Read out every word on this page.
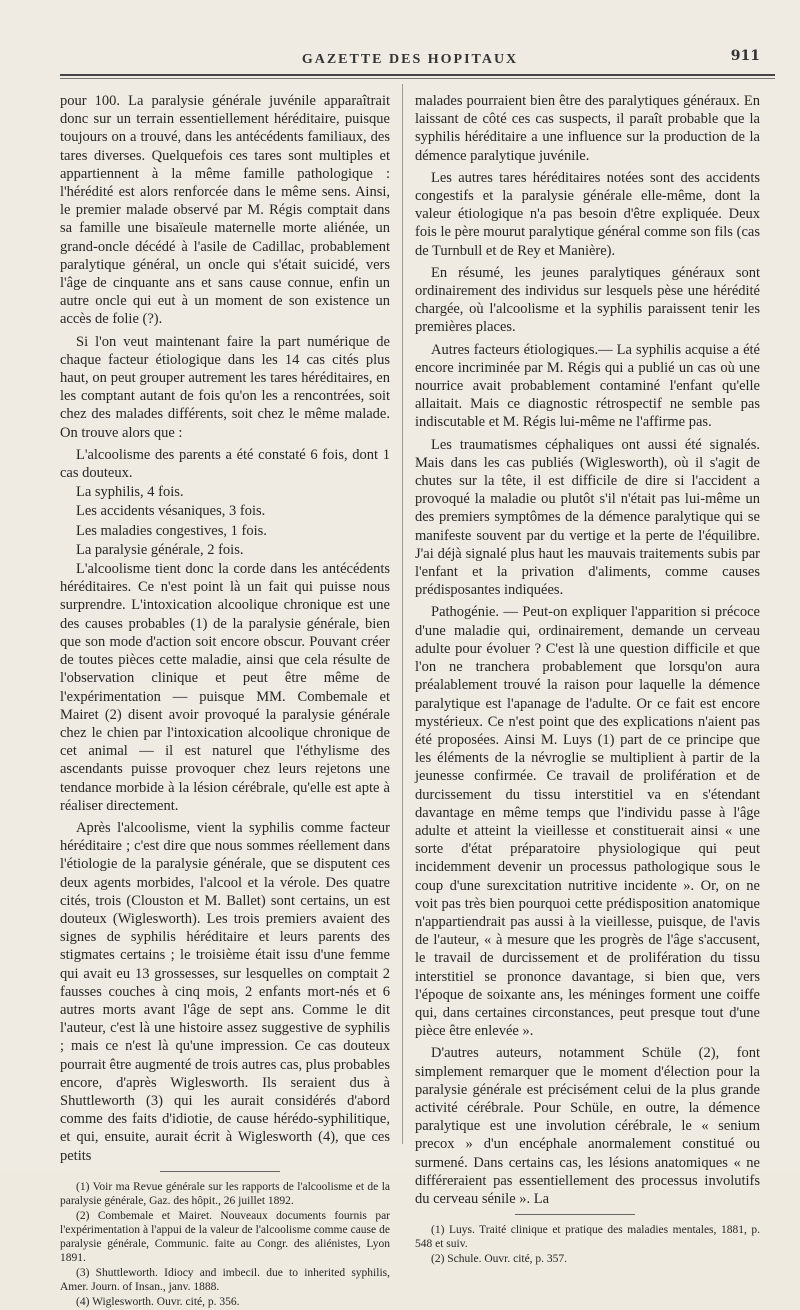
GAZETTE DES HOPITAUX	911

pour 100. La paralysie générale juvénile apparaîtrait donc sur un terrain essentiellement héréditaire, puisque toujours on a trouvé, dans les antécédents familiaux, des tares diverses. Quelquefois ces tares sont multiples et appartiennent à la même famille pathologique : l'hérédité est alors renforcée dans le même sens. Ainsi, le premier malade observé par M. Régis comptait dans sa famille une bisaïeule maternelle morte aliénée, un grand-oncle décédé à l'asile de Cadillac, probablement paralytique général, un oncle qui s'était suicidé, vers l'âge de cinquante ans et sans cause connue, enfin un autre oncle qui eut à un moment de son existence un accès de folie (?).

Si l'on veut maintenant faire la part numérique de chaque facteur étiologique dans les 14 cas cités plus haut, on peut grouper autrement les tares héréditaires, en les comptant autant de fois qu'on les a rencontrées, soit chez des malades différents, soit chez le même malade. On trouve alors que :

L'alcoolisme des parents a été constaté 6 fois, dont 1 cas douteux.

La syphilis, 4 fois.

Les accidents vésaniques, 3 fois.

Les maladies congestives, 1 fois.

La paralysie générale, 2 fois.

L'alcoolisme tient donc la corde dans les antécédents héréditaires. Ce n'est point là un fait qui puisse nous surprendre. L'intoxication alcoolique chronique est une des causes probables (1) de la paralysie générale, bien que son mode d'action soit encore obscur. Pouvant créer de toutes pièces cette maladie, ainsi que cela résulte de l'observation clinique et peut être même de l'expérimentation — puisque MM. Combemale et Mairet (2) disent avoir provoqué la paralysie générale chez le chien par l'intoxication alcoolique chronique de cet animal — il est naturel que l'éthylisme des ascendants puisse provoquer chez leurs rejetons une tendance morbide à la lésion cérébrale, qu'elle est apte à réaliser directement.

Après l'alcoolisme, vient la syphilis comme facteur héréditaire ; c'est dire que nous sommes réellement dans l'étiologie de la paralysie générale, que se disputent ces deux agents morbides, l'alcool et la vérole. Des quatre cités, trois (Clouston et M. Ballet) sont certains, un est douteux (Wiglesworth). Les trois premiers avaient des signes de syphilis héréditaire et leurs parents des stigmates certains ; le troisième était issu d'une femme qui avait eu 13 grossesses, sur lesquelles on comptait 2 fausses couches à cinq mois, 2 enfants mort-nés et 6 autres morts avant l'âge de sept ans. Comme le dit l'auteur, c'est là une histoire assez suggestive de syphilis ; mais ce n'est là qu'une impression. Ce cas douteux pourrait être augmenté de trois autres cas, plus probables encore, d'après Wiglesworth. Ils seraient dus à Shuttleworth (3) qui les aurait considérés d'abord comme des faits d'idiotie, de cause hérédo-syphilitique, et qui, ensuite, aurait écrit à Wiglesworth (4), que ces petits

(1) Voir ma Revue générale sur les rapports de l'alcoolisme et de la paralysie générale, Gaz. des hôpit., 26 juillet 1892.

(2) Combemale et Mairet. Nouveaux documents fournis par l'expérimentation à l'appui de la valeur de l'alcoolisme comme cause de paralysie générale, Communic. faite au Congr. des aliénistes, Lyon 1891.

(3) Shuttleworth. Idiocy and imbecil. due to inherited syphilis, Amer. Journ. of Insan., janv. 1888.

(4) Wiglesworth. Ouvr. cité, p. 356.

malades pourraient bien être des paralytiques généraux. En laissant de côté ces cas suspects, il paraît probable que la syphilis héréditaire a une influence sur la production de la démence paralytique juvénile.

Les autres tares héréditaires notées sont des accidents congestifs et la paralysie générale elle-même, dont la valeur étiologique n'a pas besoin d'être expliquée. Deux fois le père mourut paralytique général comme son fils (cas de Turnbull et de Rey et Manière).

En résumé, les jeunes paralytiques généraux sont ordinairement des individus sur lesquels pèse une hérédité chargée, où l'alcoolisme et la syphilis paraissent tenir les premières places.

Autres facteurs étiologiques.— La syphilis acquise a été encore incriminée par M. Régis qui a publié un cas où une nourrice avait probablement contaminé l'enfant qu'elle allaitait. Mais ce diagnostic rétrospectif ne semble pas indiscutable et M. Régis lui-même ne l'affirme pas.

Les traumatismes céphaliques ont aussi été signalés. Mais dans les cas publiés (Wiglesworth), où il s'agit de chutes sur la tête, il est difficile de dire si l'accident a provoqué la maladie ou plutôt s'il n'était pas lui-même un des premiers symptômes de la démence paralytique qui se manifeste souvent par du vertige et la perte de l'équilibre. J'ai déjà signalé plus haut les mauvais traitements subis par l'enfant et la privation d'aliments, comme causes prédisposantes indiquées.

Pathogénie. — Peut-on expliquer l'apparition si précoce d'une maladie qui, ordinairement, demande un cerveau adulte pour évoluer ? C'est là une question difficile et que l'on ne tranchera probablement que lorsqu'on aura préalablement trouvé la raison pour laquelle la démence paralytique est l'apanage de l'adulte. Or ce fait est encore mystérieux. Ce n'est point que des explications n'aient pas été proposées. Ainsi M. Luys (1) part de ce principe que les éléments de la névroglie se multiplient à partir de la jeunesse confirmée. Ce travail de prolifération et de durcissement du tissu interstitiel va en s'étendant davantage en même temps que l'individu passe à l'âge adulte et atteint la vieillesse et constituerait ainsi « une sorte d'état préparatoire physiologique qui peut incidemment devenir un processus pathologique sous le coup d'une surexcitation nutritive incidente ». Or, on ne voit pas très bien pourquoi cette prédisposition anatomique n'appartiendrait pas aussi à la vieillesse, puisque, de l'avis de l'auteur, « à mesure que les progrès de l'âge s'accusent, le travail de durcissement et de prolifération du tissu interstitiel se prononce davantage, si bien que, vers l'époque de soixante ans, les méninges forment une coiffe qui, dans certaines circonstances, peut presque tout d'une pièce être enlevée ».

D'autres auteurs, notamment Schüle (2), font simplement remarquer que le moment d'élection pour la paralysie générale est précisément celui de la plus grande activité cérébrale. Pour Schüle, en outre, la démence paralytique est une involution cérébrale, le « senium precox » d'un encéphale anormalement constitué ou surmené. Dans certains cas, les lésions anatomiques « ne différeraient pas essentiellement des processus involutifs du cerveau sénile ». La

(1) Luys. Traité clinique et pratique des maladies mentales, 1881, p. 548 et suiv.

(2) Schule. Ouvr. cité, p. 357.
